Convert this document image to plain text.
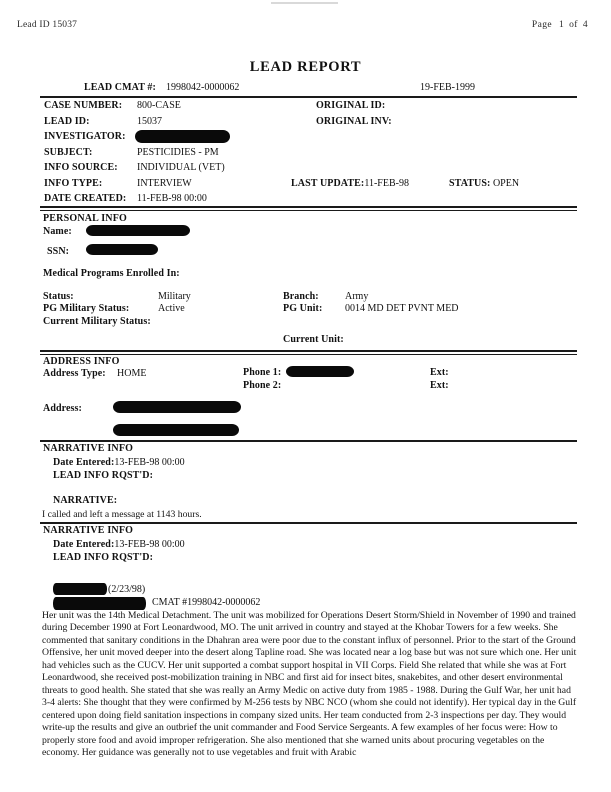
Lead ID 15037	Page 1 of 4
LEAD REPORT
LEAD CMAT #: 1998042-0000062	19-FEB-1999
CASE NUMBER: 800-CASE	ORIGINAL ID:
LEAD ID:	15037	ORIGINAL INV:
INVESTIGATOR:
SUBJECT:	PESTICIDIES - PM
INFO SOURCE: INDIVIDUAL (VET)
INFO TYPE:	INTERVIEW	LAST UPDATE:11-FEB-98	STATUS: OPEN
DATE CREATED: 11-FEB-98 00:00
PERSONAL INFO
Name:
SSN:
Medical Programs Enrolled In:
Status:	Military	Branch:	Army
PG Military Status:	Active	PG Unit: 0014 MD DET PVNT MED
Current Military Status:
Current Unit:
ADDRESS INFO
Address Type: HOME	Phone 1:	Ext:
Phone 2:	Ext:
Address:
NARRATIVE INFO
Date Entered:13-FEB-98 00:00
LEAD INFO RQST'D:
NARRATIVE:

I called and left a message at 1143 hours.

NARRATIVE INFO
Date Entered:13-FEB-98 00:00
LEAD INFO RQST'D:
(2/23/98)
CMAT #1998042-0000062

Her unit was the 14th Medical Detachment. The unit was mobilized for Operations Desert Storm/Shield in November of 1990 and trained during December 1990 at Fort Leonardwood, MO. The unit arrived in country and stayed at the Khobar Towers for a few weeks. She commented that sanitary conditions in the Dhahran area were poor due to the constant influx of personnel. Prior to the start of the Ground Offensive, her unit moved deeper into the desert along Tapline road. She was located near a log base but was not sure which one. Her unit had vehicles such as the CUCV. Her unit supported a combat support hospital in VII Corps. Field She related that while she was at Fort Leonardwood, she received post-mobilization training in NBC and first aid for insect bites, snakebites, and other desert environmental threats to good health. She stated that she was really an Army Medic on active duty from 1985 - 1988. During the Gulf War, her unit had 3-4 alerts: She thought that they were confirmed by M-256 tests by NBC NCO (whom she could not identify). Her typical day in the Gulf centered upon doing field sanitation inspections in company sized units. Her team conducted from 2-3 inspections per day. They would write-up the results and give an outbrief the unit commander and Food Service Sergeants. A few examples of her focus were: How to properly store food and avoid improper refrigeration. She also mentioned that she warned units about procuring vegetables on the economy. Her guidance was generally not to use vegetables and fruit with Arabic
